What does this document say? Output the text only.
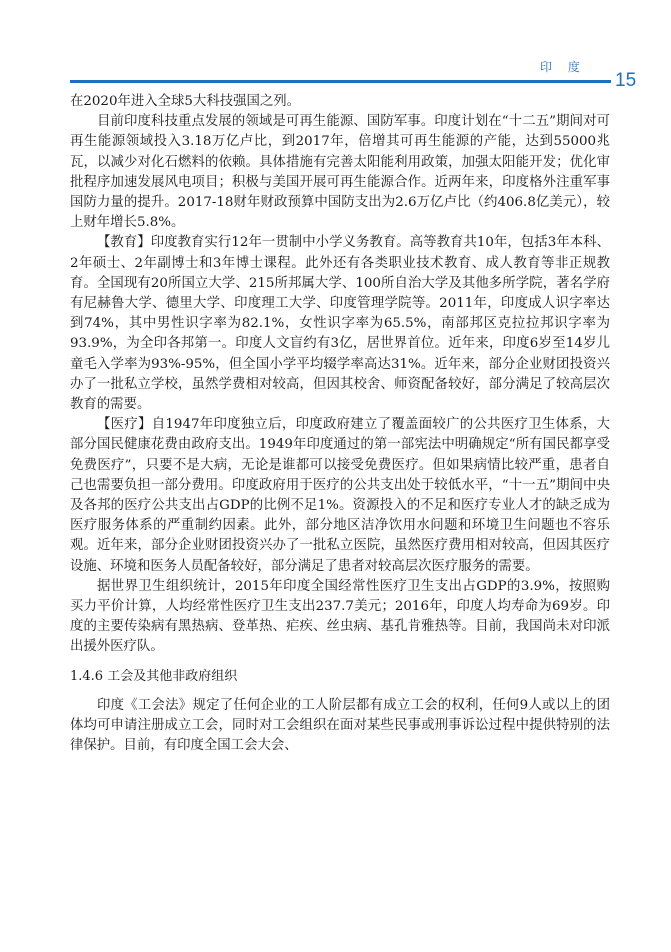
印 度
15

在2020年进入全球5大科技强国之列。

目前印度科技重点发展的领域是可再生能源、国防军事。印度计划在“十二五”期间对可再生能源领域投入3.18万亿卢比，到2017年，倍增其可再生能源的产能，达到55000兆瓦，以减少对化石燃料的依赖。具体措施有完善太阳能利用政策，加强太阳能开发；优化审批程序加速发展风电项目；积极与美国开展可再生能源合作。近两年来，印度格外注重军事国防力量的提升。2017-18财年财政预算中国防支出为2.6万亿卢比（约406.8亿美元），较上财年增长5.8%。

【教育】印度教育实行12年一贯制中小学义务教育。高等教育共10年，包括3年本科、2年硕士、2年副博士和3年博士课程。此外还有各类职业技术教育、成人教育等非正规教育。全国现有20所国立大学、215所邦属大学、100所自治大学及其他多所学院，著名学府有尼赫鲁大学、德里大学、印度理工大学、印度管理学院等。2011年，印度成人识字率达到74%，其中男性识字率为82.1%，女性识字率为65.5%，南部邦区克拉拉邦识字率为93.9%，为全印各邦第一。印度人文盲约有3亿，居世界首位。近年来，印度6岁至14岁儿童毛入学率为93%-95%，但全国小学平均辍学率高达31%。近年来，部分企业财团投资兴办了一批私立学校，虽然学费相对较高，但因其校舍、师资配备较好，部分满足了较高层次教育的需要。

【医疗】自1947年印度独立后，印度政府建立了覆盖面较广的公共医疗卫生体系，大部分国民健康花费由政府支出。1949年印度通过的第一部宪法中明确规定“所有国民都享受免费医疗”，只要不是大病，无论是谁都可以接受免费医疗。但如果病情比较严重，患者自己也需要负担一部分费用。印度政府用于医疗的公共支出处于较低水平，“十一五”期间中央及各邦的医疗公共支出占GDP的比例不足1%。资源投入的不足和医疗专业人才的缺乏成为医疗服务体系的严重制约因素。此外，部分地区洁净饮用水问题和环境卫生问题也不容乐观。近年来，部分企业财团投资兴办了一批私立医院，虽然医疗费用相对较高，但因其医疗设施、环境和医务人员配备较好，部分满足了患者对较高层次医疗服务的需要。

据世界卫生组织统计，2015年印度全国经常性医疗卫生支出占GDP的3.9%，按照购买力平价计算，人均经常性医疗卫生支出237.7美元；2016年，印度人均寿命为69岁。印度的主要传染病有黑热病、登革热、疟疾、丝虫病、基孔肯雅热等。目前，我国尚未对印派出援外医疗队。

1.4.6 工会及其他非政府组织

印度《工会法》规定了任何企业的工人阶层都有成立工会的权利，任何9人或以上的团体均可申请注册成立工会，同时对工会组织在面对某些民事或刑事诉讼过程中提供特别的法律保护。目前，有印度全国工会大会、
